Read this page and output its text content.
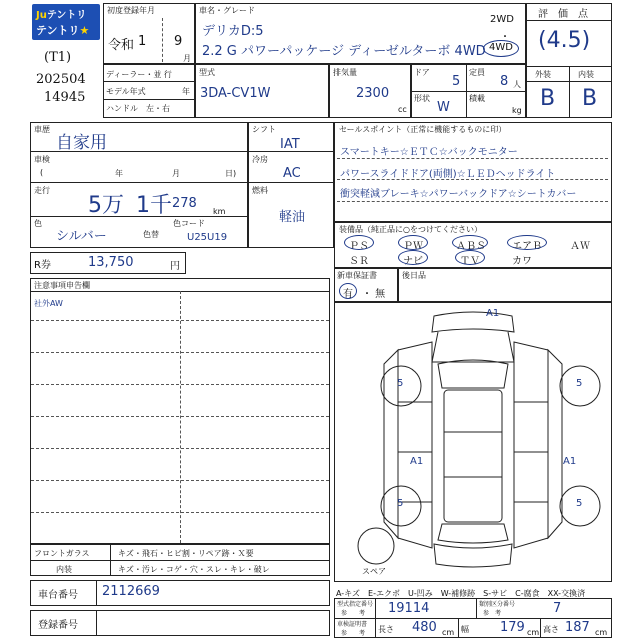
Juテントリ
テントリ★スター
(T1)
202504
14945
初度登録年月
令和 1 9
月
車名・グレード
デリカD:5
2.2 G パワーパッケージ ディーゼルターボ 4WD
2WD
・
4WD
評　価　点
(4.5)
外装	内装
B B
ディーラー・並 行
モデル年式	年
ハンドル　左・右
型式
3DA-CV1W
排気量
2300
cc
ドア
5
定員
8 人
形状
W
積載
kg
車歴
自家用
車検
(	年	月	日)
走行
5万 1千 278
km
色
シルバー	色替
色コード
U25U19
シフト
IAT
冷房
AC
燃料
軽油
セールスポイント（正常に機能するものに印）
スマートキー☆ＥＴＣ☆バックモニター
パワースライドドア(両側)☆ＬＥＤヘッドライト
衝突軽減ブレーキ☆パワーバックドア☆シートカバー
装備品（純正品に○をつけてください）
ＰＳ	ＰＷ	ＡＢＳ	エアＢ	ＡＷ
ＳＲ	ナビ	ＴＶ	カワ
R券	13,750	円
新車保証書
有 ・ 無
後日品
注意事項申告欄
社外AW
フロントガラス	キズ・飛石・ヒビ割・リペア跡・Ｘ要
内装	キズ・汚レ・コゲ・穴・スレ・キレ・破レ
車台番号 2112669
登録番号
A1
5	5
A1	A1
5	5
スペア
A-キズ　E-エクボ　U-凹み　W-補修跡　S-サビ　C-腐食　XX-交換済
型式指定番号
参　　考 19114	類別区分番号
参　考	7
車検証明書
参　　考 長さ 480 cm 幅 179 cm 高さ 187 cm
